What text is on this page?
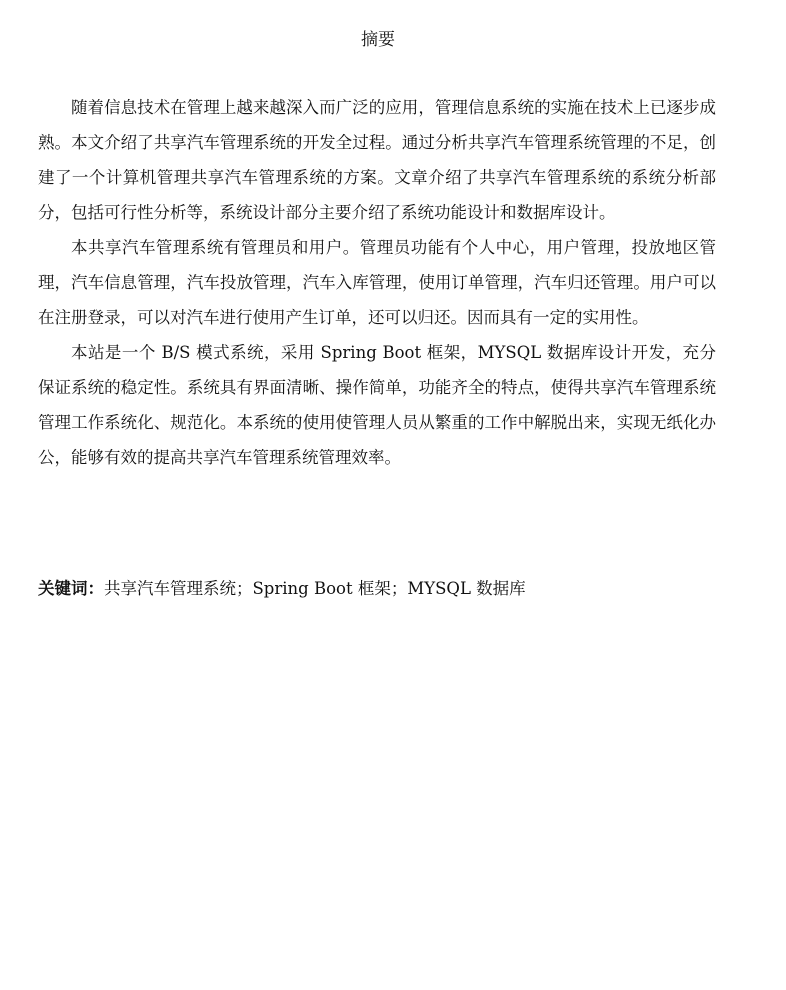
摘要

随着信息技术在管理上越来越深入而广泛的应用，管理信息系统的实施在技术上已逐步成熟。本文介绍了共享汽车管理系统的开发全过程。通过分析共享汽车管理系统管理的不足，创建了一个计算机管理共享汽车管理系统的方案。文章介绍了共享汽车管理系统的系统分析部分，包括可行性分析等，系统设计部分主要介绍了系统功能设计和数据库设计。

本共享汽车管理系统有管理员和用户。管理员功能有个人中心，用户管理，投放地区管理，汽车信息管理，汽车投放管理，汽车入库管理，使用订单管理，汽车归还管理。用户可以在注册登录，可以对汽车进行使用产生订单，还可以归还。因而具有一定的实用性。

本站是一个 B/S 模式系统，采用 Spring Boot 框架，MYSQL 数据库设计开发，充分保证系统的稳定性。系统具有界面清晰、操作简单，功能齐全的特点，使得共享汽车管理系统管理工作系统化、规范化。本系统的使用使管理人员从繁重的工作中解脱出来，实现无纸化办公，能够有效的提高共享汽车管理系统管理效率。

关键词：共享汽车管理系统；Spring Boot 框架；MYSQL 数据库
